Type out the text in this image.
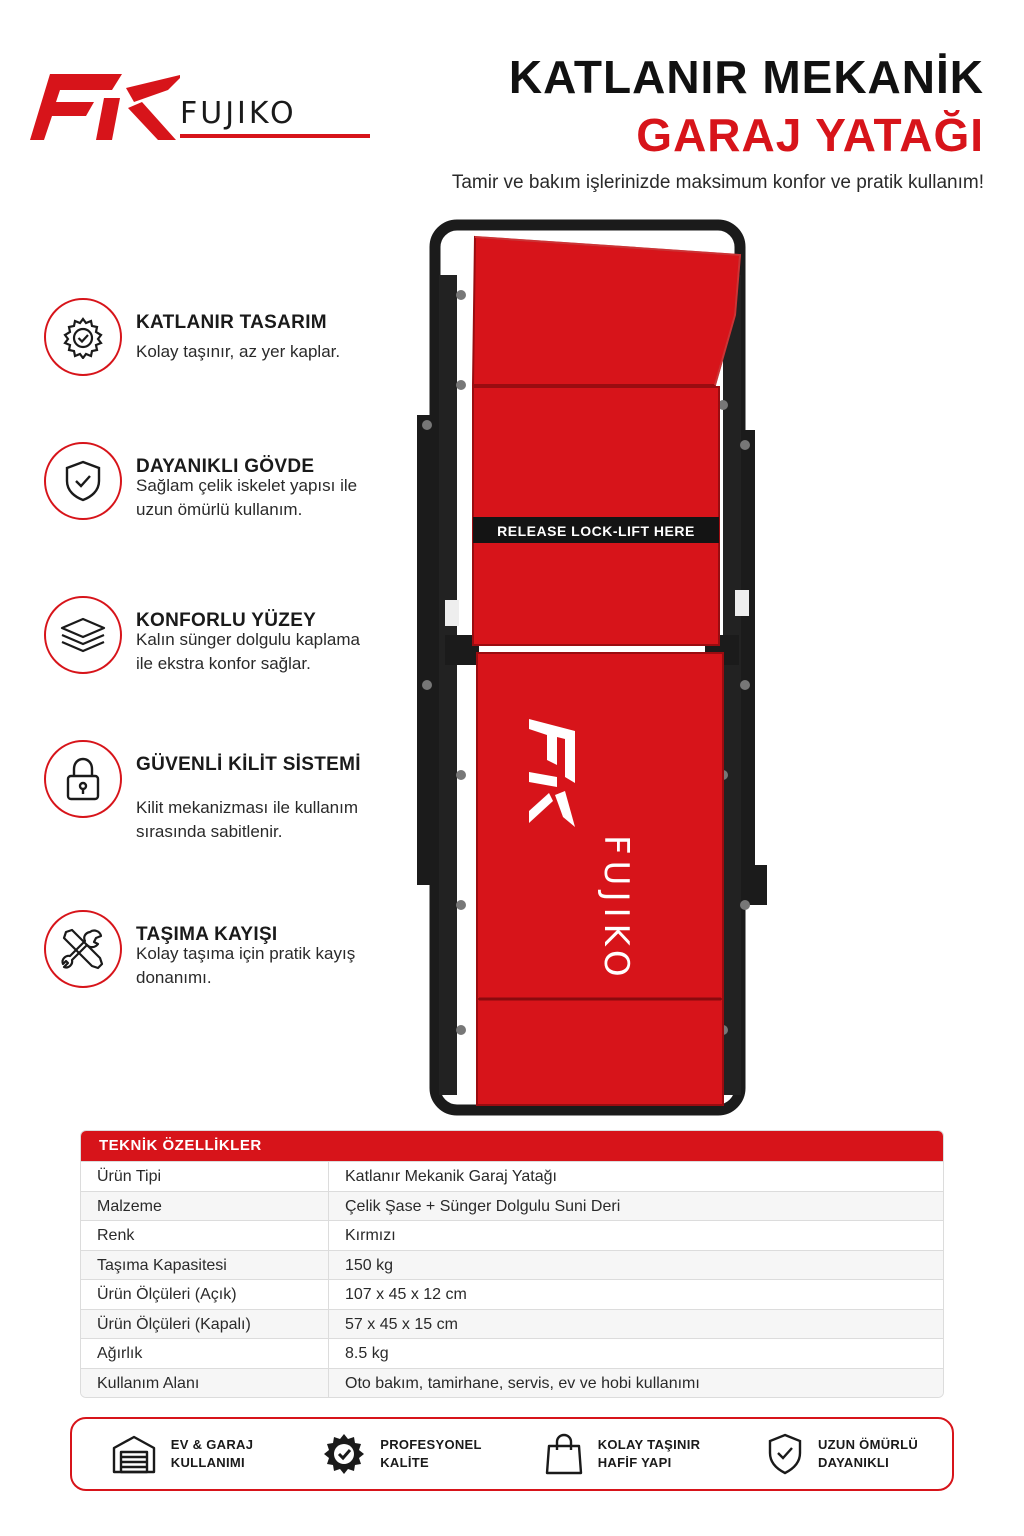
FUJIKO
KATLANIR MEKANİK
GARAJ YATAĞI
Tamir ve bakım işlerinizde maksimum konfor ve pratik kullanım!
KATLANIR TASARIM
Kolay taşınır, az yer kaplar.
DAYANIKLI GÖVDE
Sağlam çelik iskelet yapısı ile uzun ömürlü kullanım.
KONFORLU YÜZEY
Kalın sünger dolgulu kaplama ile ekstra konfor sağlar.
GÜVENLİ KİLİT SİSTEMİ
Kilit mekanizması ile kullanım sırasında sabitlenir.
TAŞIMA KAYIŞI
Kolay taşıma için pratik kayış donanımı.	FUJIKO
RELEASE LOCK-LIFT HERE
TEKNİK ÖZELLİKLER
Ürün Tipi	Katlanır Mekanik Garaj Yatağı
Malzeme	Çelik Şase + Sünger Dolgulu Suni Deri
Renk	Kırmızı
Taşıma Kapasitesi	150 kg
Ürün Ölçüleri (Açık)	107 x 45 x 12 cm
Ürün Ölçüleri (Kapalı)	57 x 45 x 15 cm
Ağırlık	8.5 kg
Kullanım Alanı	Oto bakım, tamirhane, servis, ev ve hobi kullanımı
EV & GARAJ
KULLANIMI
PROFESYONEL
KALİTE
KOLAY TAŞINIR
HAFİF YAPI
UZUN ÖMÜRLÜ
DAYANIKLI
